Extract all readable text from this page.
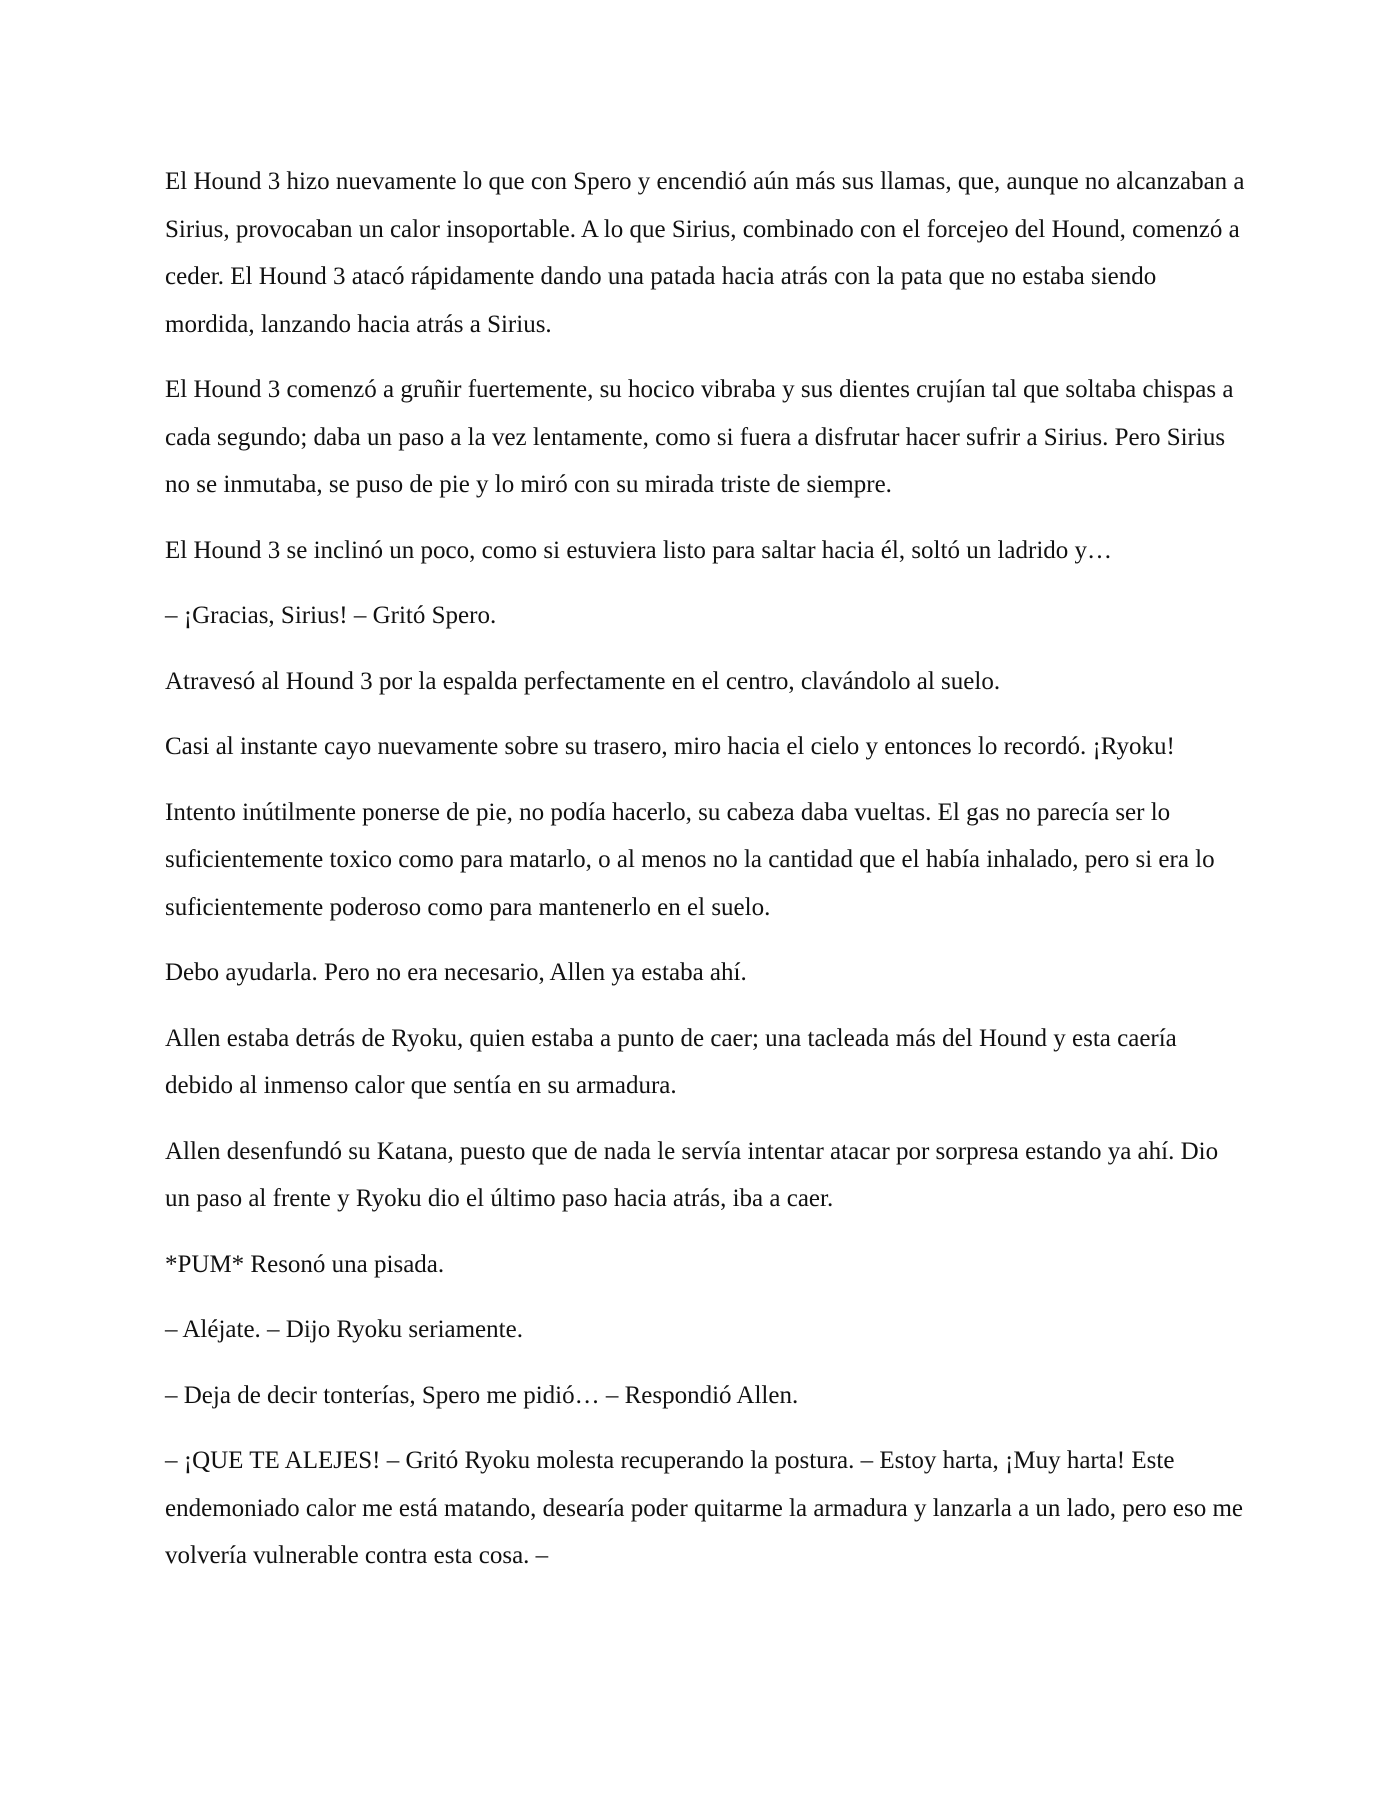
El Hound 3 hizo nuevamente lo que con Spero y encendió aún más sus llamas, que, aunque no alcanzaban a Sirius, provocaban un calor insoportable. A lo que Sirius, combinado con el forcejeo del Hound, comenzó a ceder. El Hound 3 atacó rápidamente dando una patada hacia atrás con la pata que no estaba siendo mordida, lanzando hacia atrás a Sirius.

El Hound 3 comenzó a gruñir fuertemente, su hocico vibraba y sus dientes crujían tal que soltaba chispas a cada segundo; daba un paso a la vez lentamente, como si fuera a disfrutar hacer sufrir a Sirius. Pero Sirius no se inmutaba, se puso de pie y lo miró con su mirada triste de siempre.

El Hound 3 se inclinó un poco, como si estuviera listo para saltar hacia él, soltó un ladrido y…

– ¡Gracias, Sirius! – Gritó Spero.

Atravesó al Hound 3 por la espalda perfectamente en el centro, clavándolo al suelo.

Casi al instante cayo nuevamente sobre su trasero, miro hacia el cielo y entonces lo recordó. ¡Ryoku!

Intento inútilmente ponerse de pie, no podía hacerlo, su cabeza daba vueltas. El gas no parecía ser lo suficientemente toxico como para matarlo, o al menos no la cantidad que el había inhalado, pero si era lo suficientemente poderoso como para mantenerlo en el suelo.

Debo ayudarla. Pero no era necesario, Allen ya estaba ahí.

Allen estaba detrás de Ryoku, quien estaba a punto de caer; una tacleada más del Hound y esta caería debido al inmenso calor que sentía en su armadura.

Allen desenfundó su Katana, puesto que de nada le servía intentar atacar por sorpresa estando ya ahí. Dio un paso al frente y Ryoku dio el último paso hacia atrás, iba a caer.

*PUM* Resonó una pisada.

– Aléjate. – Dijo Ryoku seriamente.

– Deja de decir tonterías, Spero me pidió… – Respondió Allen.

– ¡QUE TE ALEJES! – Gritó Ryoku molesta recuperando la postura. – Estoy harta, ¡Muy harta! Este endemoniado calor me está matando, desearía poder quitarme la armadura y lanzarla a un lado, pero eso me volvería vulnerable contra esta cosa. –
